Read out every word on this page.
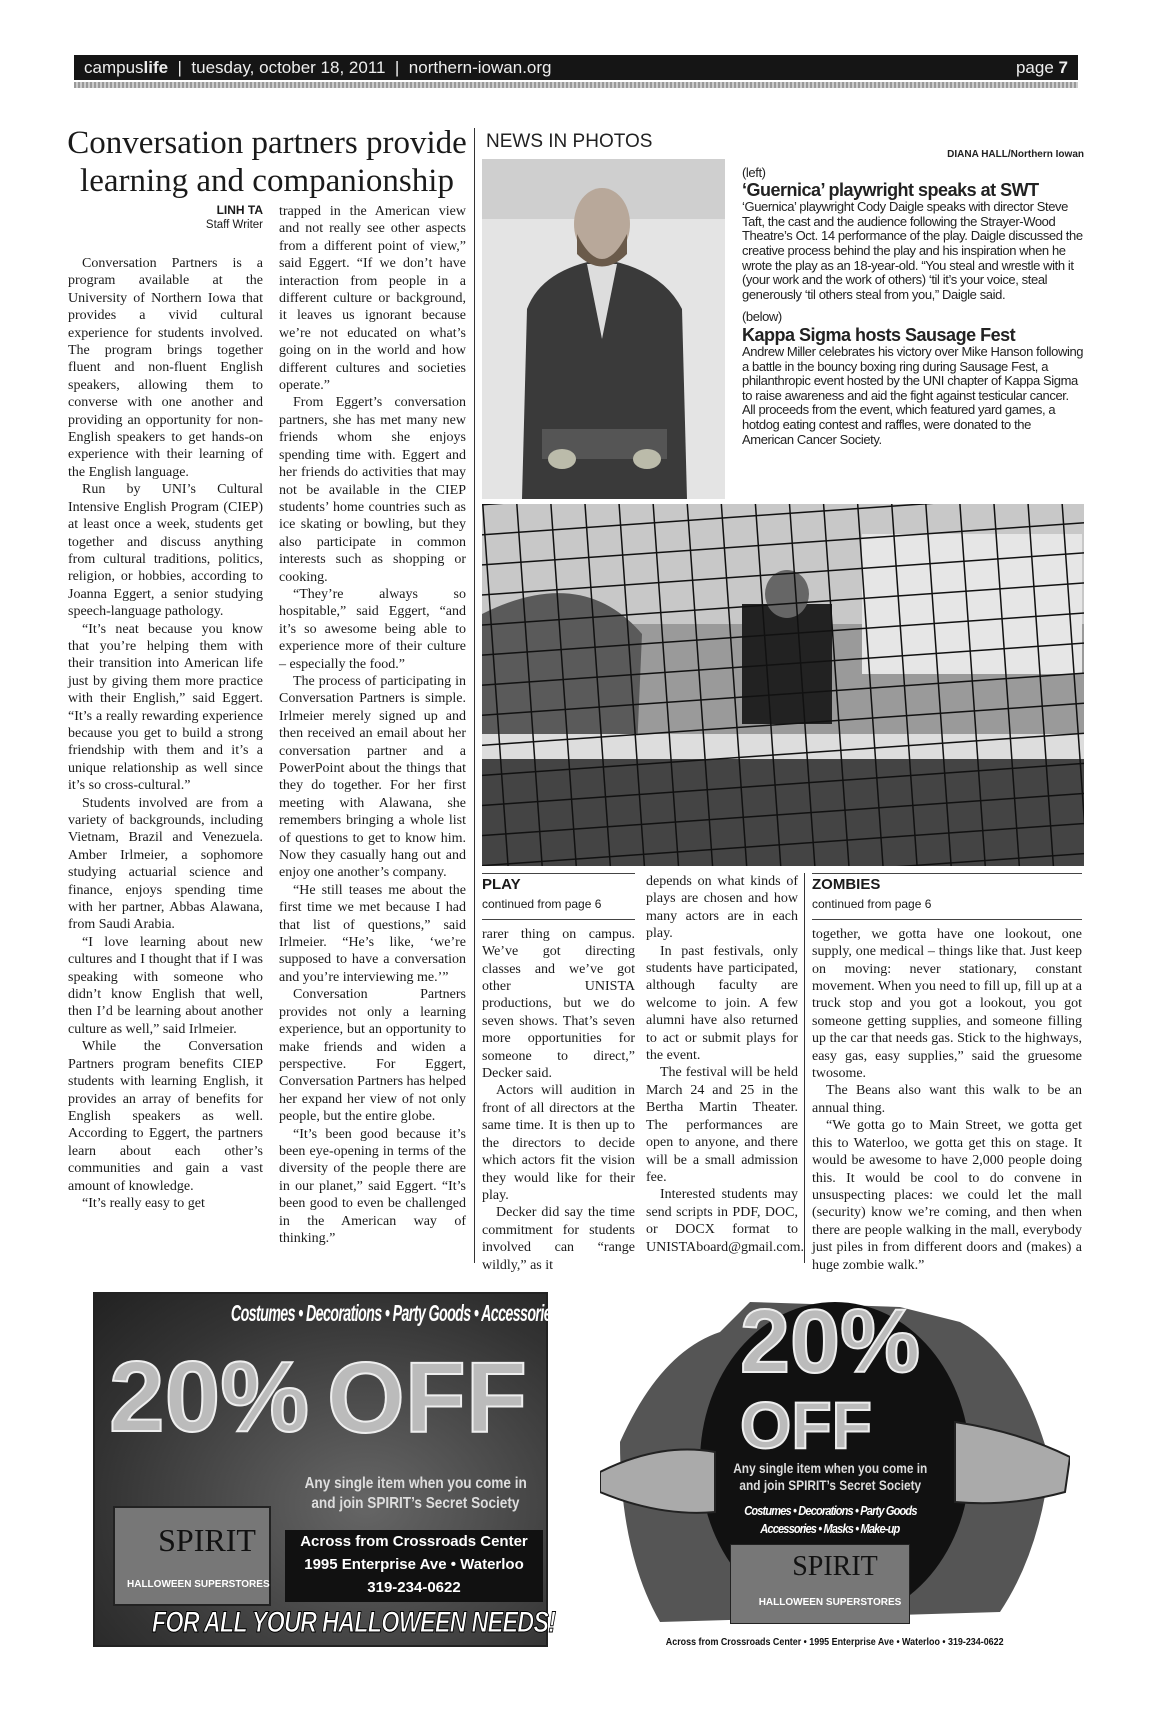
campuslife  |  tuesday, october 18, 2011  |  northern-iowan.org	page 7
Conversation partners provide learning and companionship
LINH TA
Staff Writer

Conversation Partners is a program available at the University of Northern Iowa that provides a vivid cultural experience for students involved. The program brings together fluent and non-fluent English speakers, allowing them to converse with one another and providing an opportunity for non-English speakers to get hands-on experience with their learning of the English language.

Run by UNI’s Cultural Intensive English Program (CIEP) at least once a week, students get together and discuss anything from cultural traditions, politics, religion, or hobbies, according to Joanna Eggert, a senior studying speech-language pathology.

“It’s neat because you know that you’re helping them with their transition into American life just by giving them more practice with their English,” said Eggert. “It’s a really rewarding experience because you get to build a strong friendship with them and it’s a unique relationship as well since it’s so cross-cultural.”

Students involved are from a variety of backgrounds, including Vietnam, Brazil and Venezuela. Amber Irlmeier, a sophomore studying actuarial science and finance, enjoys spending time with her partner, Abbas Alawana, from Saudi Arabia.

“I love learning about new cultures and I thought that if I was speaking with someone who didn’t know English that well, then I’d be learning about another culture as well,” said Irlmeier.

While the Conversation Partners program benefits CIEP students with learning English, it provides an array of benefits for English speakers as well. According to Eggert, the partners learn about each other’s communities and gain a vast amount of knowledge.

“It’s really easy to get

trapped in the American view and not really see other aspects from a different point of view,” said Eggert. “If we don’t have interaction from people in a different culture or background, it leaves us ignorant because we’re not educated on what’s going on in the world and how different cultures and societies operate.”

From Eggert’s conversation partners, she has met many new friends whom she enjoys spending time with. Eggert and her friends do activities that may not be available in the CIEP students’ home countries such as ice skating or bowling, but they also participate in common interests such as shopping or cooking.

“They’re always so hospitable,” said Eggert, “and it’s so awesome being able to experience more of their culture – especially the food.”

The process of participating in Conversation Partners is simple. Irlmeier merely signed up and then received an email about her conversation partner and a PowerPoint about the things that they do together. For her first meeting with Alawana, she remembers bringing a whole list of questions to get to know him. Now they casually hang out and enjoy one another’s company.

“He still teases me about the first time we met because I had that list of questions,” said Irlmeier. “He’s like, ‘we’re supposed to have a conversation and you’re interviewing me.’”

Conversation Partners provides not only a learning experience, but an opportunity to make friends and widen a perspective. For Eggert, Conversation Partners has helped her expand her view of not only people, but the entire globe.

“It’s been good because it’s been eye-opening in terms of the diversity of the people there are in our planet,” said Eggert. “It’s been good to even be challenged in the American way of thinking.”

NEWS IN PHOTOS
DIANA HALL/Northern Iowan
(left)
‘Guernica’ playwright speaks at SWT
‘Guernica’ playwright Cody Daigle speaks with director Steve Taft, the cast and the audience following the Strayer-Wood Theatre’s Oct. 14 performance of the play. Daigle discussed the creative process behind the play and his inspiration when he wrote the play as an 18-year-old. “You steal and wrestle with it (your work and the work of others) ‘til it’s your voice, steal generously ‘til others steal from you,” Daigle said.
(below)
Kappa Sigma hosts Sausage Fest
Andrew Miller celebrates his victory over Mike Hanson following a battle in the bouncy boxing ring during Sausage Fest, a philanthropic event hosted by the UNI chapter of Kappa Sigma to raise awareness and aid the fight against testicular cancer. All proceeds from the event, which featured yard games, a hotdog eating contest and raffles, were donated to the American Cancer Society.
PLAY
continued from page 6

rarer thing on campus. We’ve got directing classes and we’ve got other UNISTA productions, but we do seven shows. That’s seven more opportunities for someone to direct,” Decker said.

Actors will audition in front of all directors at the same time. It is then up to the directors to decide which actors fit the vision they would like for their play.

Decker did say the time commitment for students involved can “range wildly,” as it

depends on what kinds of plays are chosen and how many actors are in each play.

In past festivals, only students have participated, although faculty are welcome to join. A few alumni have also returned to act or submit plays for the event.

The festival will be held March 24 and 25 in the Bertha Martin Theater. The performances are open to anyone, and there will be a small admission fee.

Interested students may send scripts in PDF, DOC, or DOCX format to UNISTAboard@gmail.com.

ZOMBIES
continued from page 6

together, we gotta have one lookout, one supply, one medical – things like that. Just keep on moving: never stationary, constant movement. When you need to fill up, fill up at a truck stop and you got a lookout, you got someone getting supplies, and someone filling up the car that needs gas. Stick to the highways, easy gas, easy supplies,” said the gruesome twosome.

The Beans also want this walk to be an annual thing.

“We gotta go to Main Street, we gotta get this to Waterloo, we gotta get this on stage. It would be awesome to have 2,000 people doing this. It would be cool to do convene in unsuspecting places: we could let the mall (security) know we’re coming, and then when there are people walking in the mall, everybody just piles in from different doors and (makes) a huge zombie walk.”

Costumes • Decorations • Party Goods • Accessories • Masks • Make-up
20% OFF
Any single item when you come in
and join SPIRIT’s Secret Society
SPIRIT
HALLOWEEN SUPERSTORES
Across from Crossroads Center
1995 Enterprise Ave • Waterloo
319-234-0622
FOR ALL YOUR HALLOWEEN NEEDS!
20%
OFF
Any single item when you come in
and join SPIRIT’s Secret Society
Costumes • Decorations • Party Goods
Accessories • Masks • Make-up
SPIRIT
HALLOWEEN SUPERSTORES
Across from Crossroads Center • 1995 Enterprise Ave • Waterloo • 319-234-0622
